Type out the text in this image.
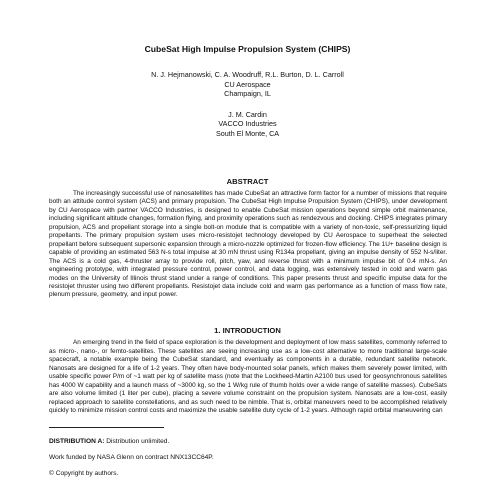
CubeSat High Impulse Propulsion System (CHIPS)
N. J. Hejmanowski, C. A. Woodruff, R.L. Burton, D. L. Carroll
CU Aerospace
Champaign, IL
J. M. Cardin
VACCO Industries
South El Monte, CA
ABSTRACT

The increasingly successful use of nanosatellites has made CubeSat an attractive form factor for a number of missions that require both an attitude control system (ACS) and primary propulsion. The CubeSat High Impulse Propulsion System (CHIPS), under development by CU Aerospace with partner VACCO Industries, is designed to enable CubeSat mission operations beyond simple orbit maintenance, including significant altitude changes, formation flying, and proximity operations such as rendezvous and docking. CHIPS integrates primary propulsion, ACS and propellant storage into a single bolt-on module that is compatible with a variety of non-toxic, self-pressurizing liquid propellants. The primary propulsion system uses micro-resistojet technology developed by CU Aerospace to superheat the selected propellant before subsequent supersonic expansion through a micro-nozzle optimized for frozen-flow efficiency. The 1U+ baseline design is capable of providing an estimated 563 N-s total impulse at 30 mN thrust using R134a propellant, giving an impulse density of 552 N-s/liter. The ACS is a cold gas, 4-thruster array to provide roll, pitch, yaw, and reverse thrust with a minimum impulse bit of 0.4 mN-s. An engineering prototype, with integrated pressure control, power control, and data logging, was extensively tested in cold and warm gas modes on the University of Illinois thrust stand under a range of conditions. This paper presents thrust and specific impulse data for the resistojet thruster using two different propellants. Resistojet data include cold and warm gas performance as a function of mass flow rate, plenum pressure, geometry, and input power.

1. INTRODUCTION

An emerging trend in the field of space exploration is the development and deployment of low mass satellites, commonly referred to as micro-, nano-, or femto-satellites. These satellites are seeing increasing use as a low-cost alternative to more traditional large-scale spacecraft, a notable example being the CubeSat standard, and eventually as components in a durable, redundant satellite network. Nanosats are designed for a life of 1-2 years. They often have body-mounted solar panels, which makes them severely power limited, with usable specific power P/m of ~1 watt per kg of satellite mass (note that the Lockheed-Martin A2100 bus used for geosynchronous satellites has 4000 W capability and a launch mass of ~3000 kg, so the 1 W/kg rule of thumb holds over a wide range of satellite masses). CubeSats are also volume limited (1 liter per cube), placing a severe volume constraint on the propulsion system. Nanosats are a low-cost, easily replaced approach to satellite constellations, and as such need to be nimble. That is, orbital maneuvers need to be accomplished relatively quickly to minimize mission control costs and maximize the usable satellite duty cycle of 1-2 years. Although rapid orbital maneuvering can

DISTRIBUTION A: Distribution unlimited.
Work funded by NASA Glenn on contract NNX13CC64P.
© Copyright by authors.
